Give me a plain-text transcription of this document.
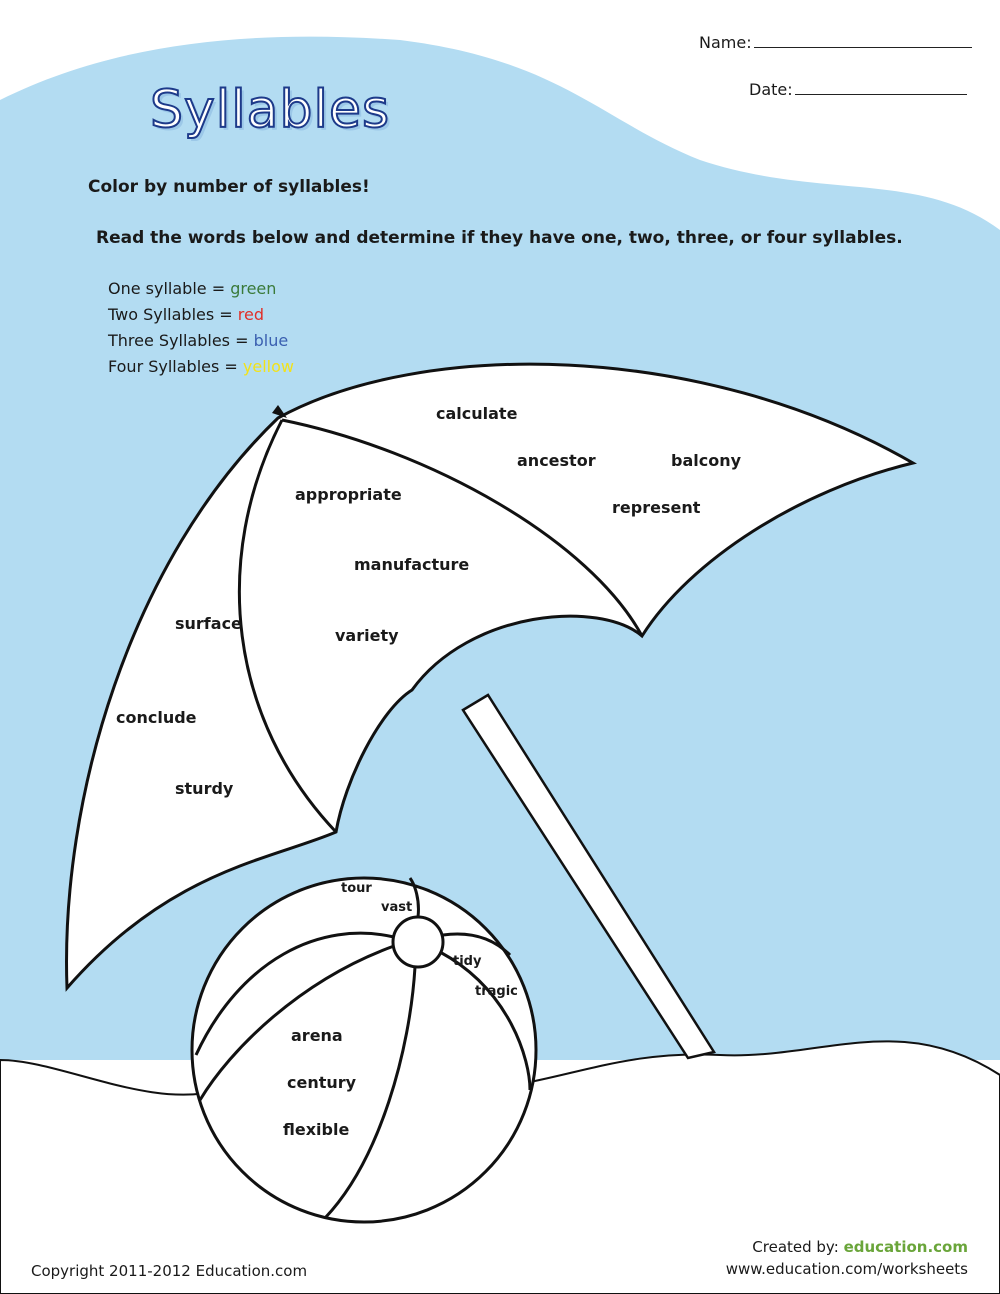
Name:
Date:
Syllables
Color by number of syllables!
Read the words below and determine if they have one, two, three, or four syllables.
One syllable = green
Two Syllables = red
Three Syllables = blue
Four Syllables = yellow
calculate
ancestor	balcony
represent
appropriate
manufacture
variety
surface
conclude
sturdy
tour
vast
tidy
tragic
arena
century
flexible
Copyright 2011-2012 Education.com
Created by: education.com
www.education.com/worksheets
